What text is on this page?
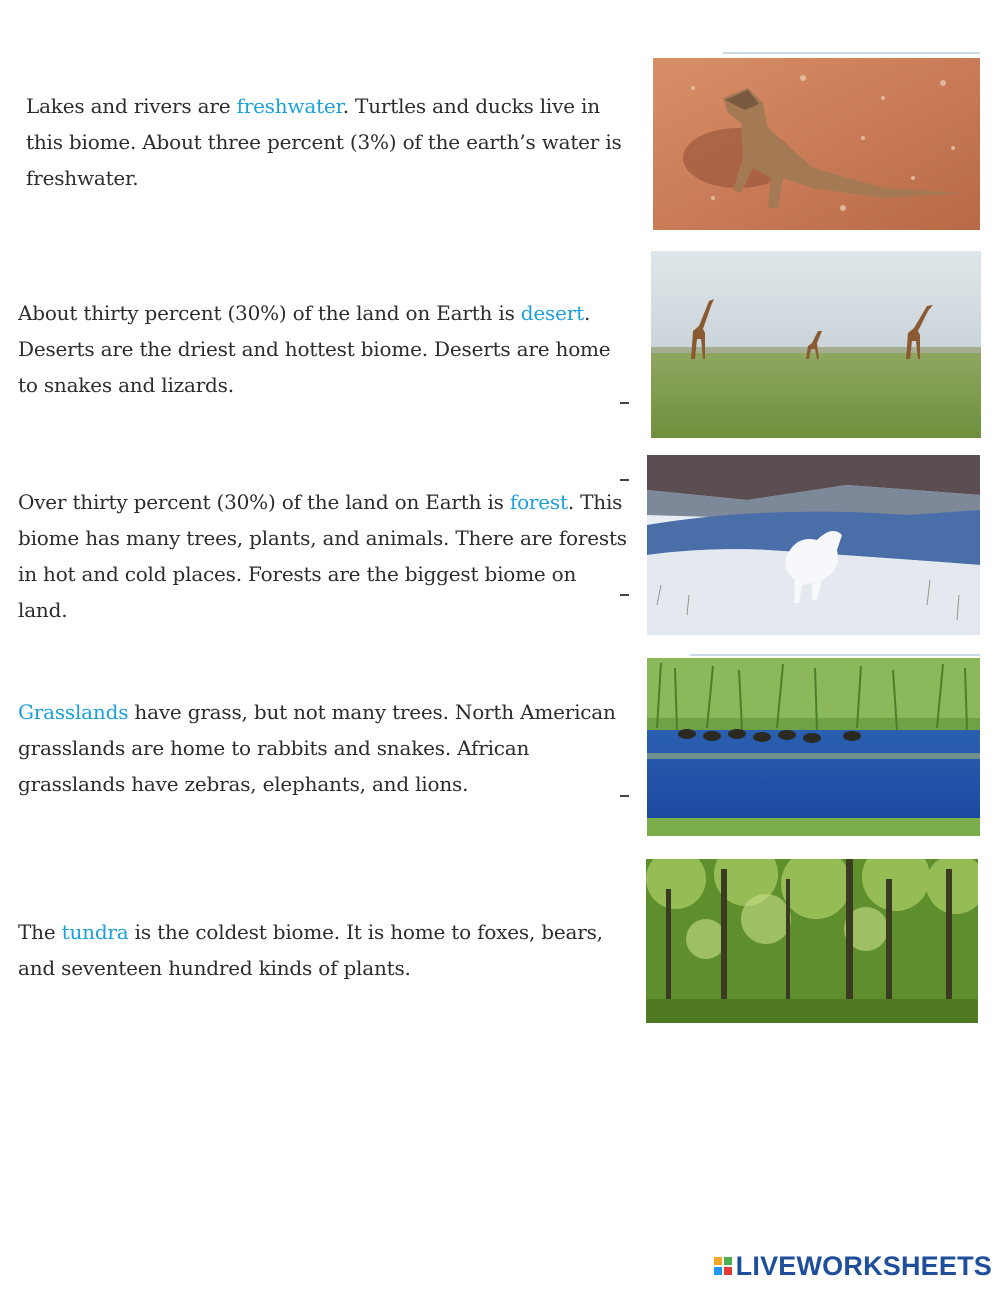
Lakes and rivers are freshwater. Turtles and ducks live in this biome. About three percent (3%) of the earth’s water is freshwater.

About thirty percent (30%) of the land on Earth is desert. Deserts are the driest and hottest biome. Deserts are home to snakes and lizards.

Over thirty percent (30%) of the land on Earth is forest. This biome has many trees, plants, and animals. There are forests in hot and cold places. Forests are the biggest biome on land.

Grasslands have grass, but not many trees. North American grasslands are home to rabbits and snakes. African grasslands have zebras, elephants, and lions.

The tundra is the coldest biome. It is home to foxes, bears, and seventeen hundred kinds of plants.

LIVEWORKSHEETS
